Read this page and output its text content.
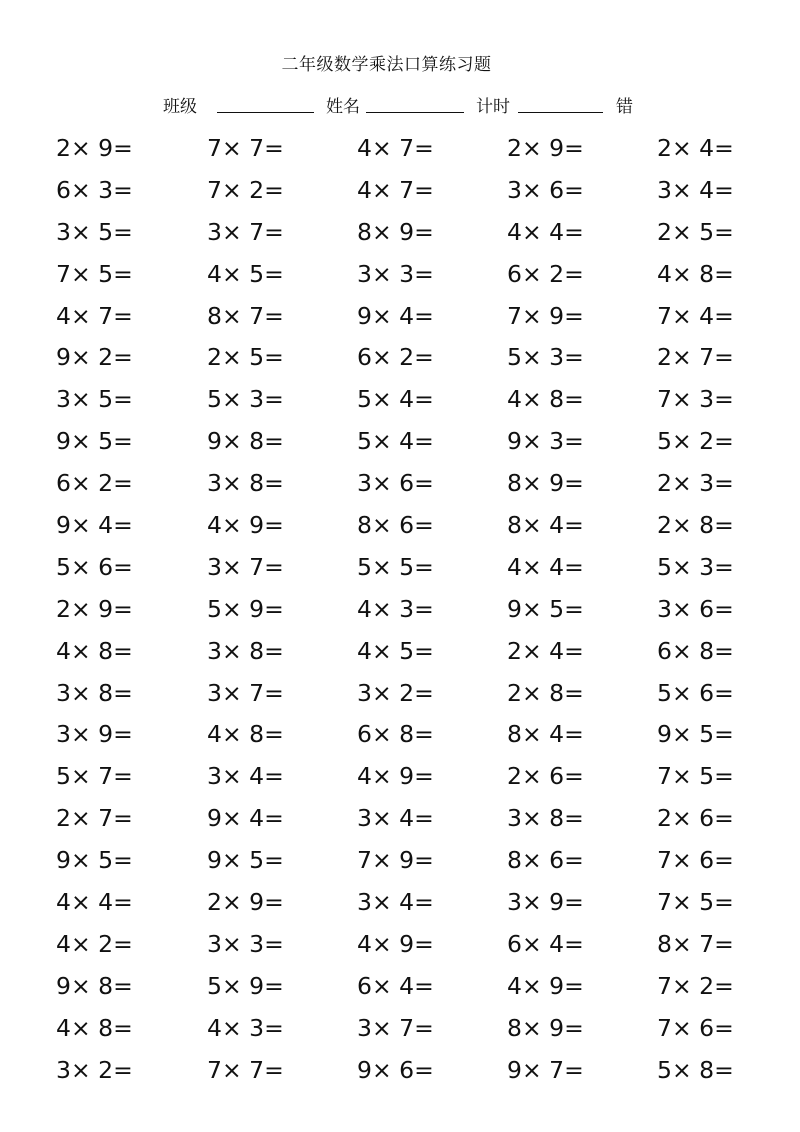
二年级数学乘法口算练习题
班级	姓名	计时	错
2× 9=	7× 7=	4× 7=	2× 9=	2× 4=
6× 3=	7× 2=	4× 7=	3× 6=	3× 4=
3× 5=	3× 7=	8× 9=	4× 4=	2× 5=
7× 5=	4× 5=	3× 3=	6× 2=	4× 8=
4× 7=	8× 7=	9× 4=	7× 9=	7× 4=
9× 2=	2× 5=	6× 2=	5× 3=	2× 7=
3× 5=	5× 3=	5× 4=	4× 8=	7× 3=
9× 5=	9× 8=	5× 4=	9× 3=	5× 2=
6× 2=	3× 8=	3× 6=	8× 9=	2× 3=
9× 4=	4× 9=	8× 6=	8× 4=	2× 8=
5× 6=	3× 7=	5× 5=	4× 4=	5× 3=
2× 9=	5× 9=	4× 3=	9× 5=	3× 6=
4× 8=	3× 8=	4× 5=	2× 4=	6× 8=
3× 8=	3× 7=	3× 2=	2× 8=	5× 6=
3× 9=	4× 8=	6× 8=	8× 4=	9× 5=
5× 7=	3× 4=	4× 9=	2× 6=	7× 5=
2× 7=	9× 4=	3× 4=	3× 8=	2× 6=
9× 5=	9× 5=	7× 9=	8× 6=	7× 6=
4× 4=	2× 9=	3× 4=	3× 9=	7× 5=
4× 2=	3× 3=	4× 9=	6× 4=	8× 7=
9× 8=	5× 9=	6× 4=	4× 9=	7× 2=
4× 8=	4× 3=	3× 7=	8× 9=	7× 6=
3× 2=	7× 7=	9× 6=	9× 7=	5× 8=
